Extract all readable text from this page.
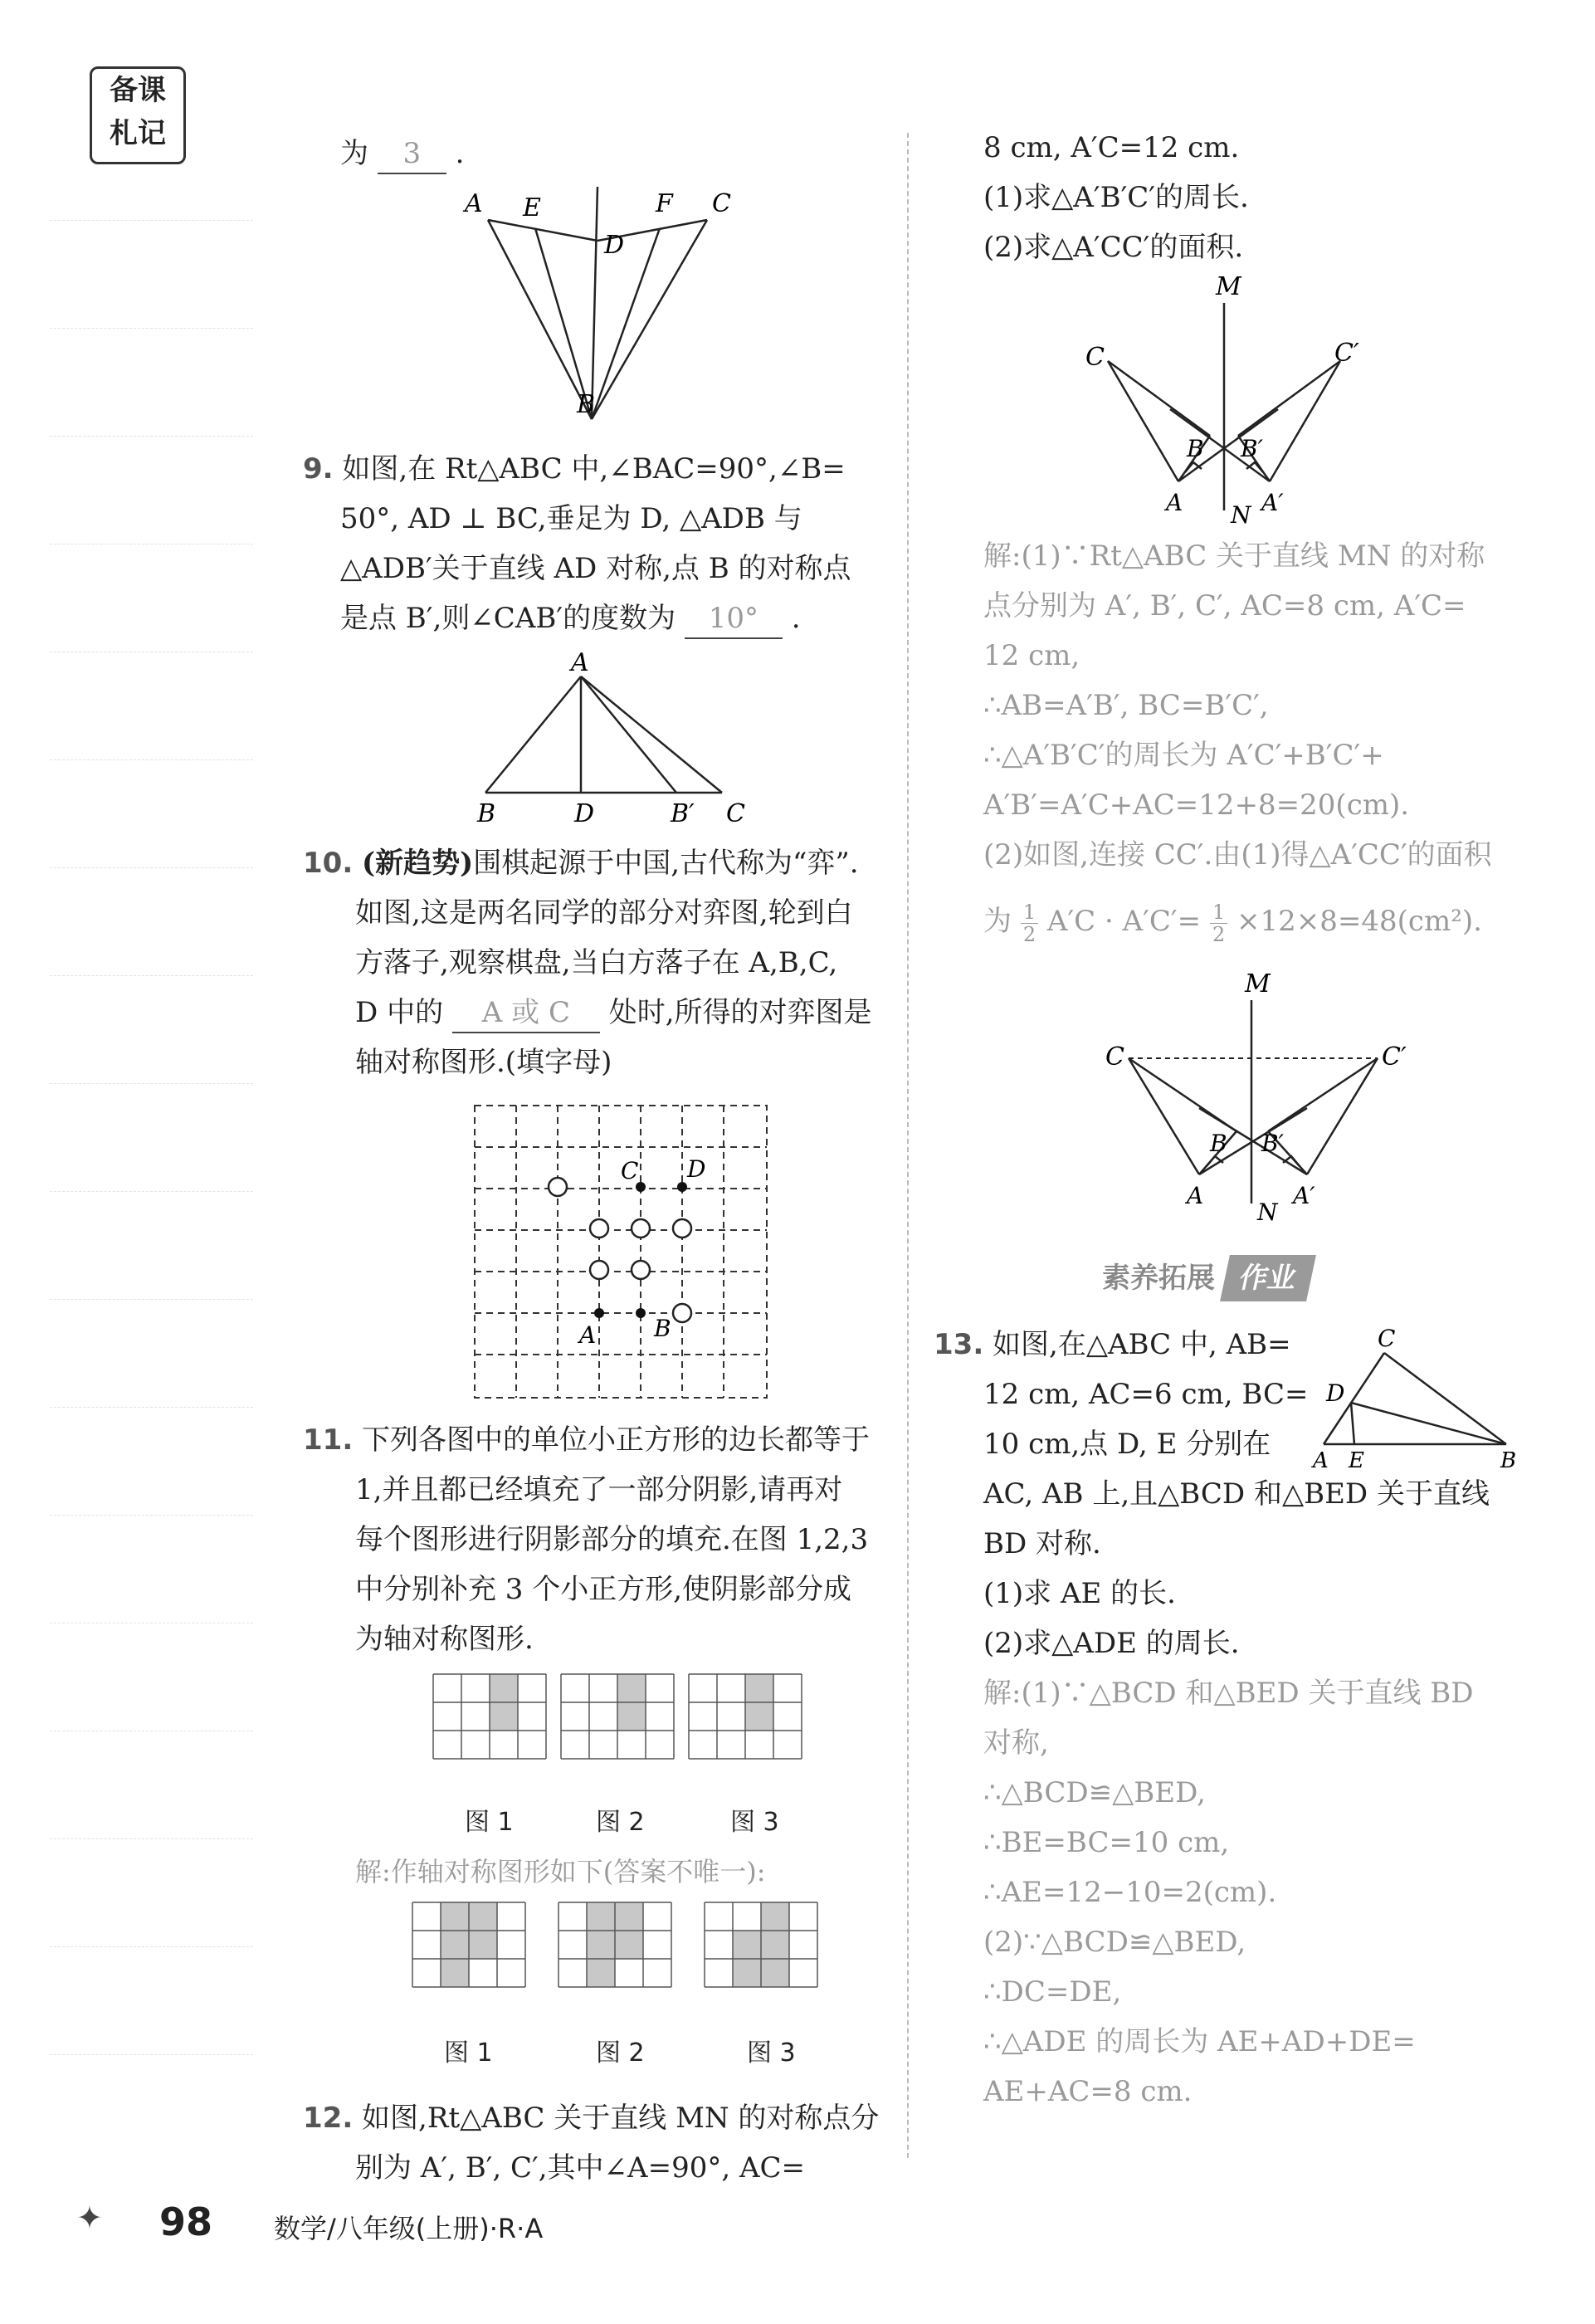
备课
札记
为 3 .
A E
D
F C
B
9. 如图,在 Rt△ABC 中,∠BAC=90°,∠B=
50°, AD ⊥ BC,垂足为 D, △ADB 与
△ADB′关于直线 AD 对称,点 B 的对称点
是点 B′,则∠CAB′的度数为 10° .
A
B	D	B′ C
10. (新趋势)围棋起源于中国,古代称为“弈”.
如图,这是两名同学的部分对弈图,轮到白
方落子,观察棋盘,当白方落子在 A,B,C,
D 中的 A 或 C 处时,所得的对弈图是
轴对称图形.(填字母)
C D
A B
11. 下列各图中的单位小正方形的边长都等于
1,并且都已经填充了一部分阴影,请再对
每个图形进行阴影部分的填充.在图 1,2,3
中分别补充 3 个小正方形,使阴影部分成
为轴对称图形.
图 1	图 2	图 3
解:作轴对称图形如下(答案不唯一):
图 1	图 2	图 3
12. 如图,Rt△ABC 关于直线 MN 的对称点分
别为 A′, B′, C′,其中∠A=90°, AC=
8 cm, A′C=12 cm.
(1)求△A′B′C′的周长.
(2)求△A′CC′的面积.
M
C	C′
B B′
A	A′
N
解:(1)∵Rt△ABC 关于直线 MN 的对称
点分别为 A′, B′, C′, AC=8 cm, A′C=
12 cm,
∴AB=A′B′, BC=B′C′,
∴△A′B′C′的周长为 A′C′+B′C′+
A′B′=A′C+AC=12+8=20(cm).
(2)如图,连接 CC′.由(1)得△A′CC′的面积
为 $\frac{1}{2} A'C \cdot A'C'= \frac{1}{2} \times 12\times 8=48(cm^2)$.
M
C	C′
B B′
A	A′
N
素养拓展 作业
13. 如图,在△ABC 中, AB=
12 cm, AC=6 cm, BC=
10 cm,点 D, E 分别在
AC, AB 上,且△BCD 和△BED 关于直线
BD 对称.
(1)求 AE 的长.
(2)求△ADE 的周长.
C
D
A E	B
解:(1)∵△BCD 和△BED 关于直线 BD
对称,
∴△BCD≌△BED,
∴BE=BC=10 cm,
∴AE=12−10=2(cm).
(2)∵△BCD≌△BED,
∴DC=DE,
∴△ADE 的周长为 AE+AD+DE=
AE+AC=8 cm.
✦ 98 数学/八年级(上册)·R·A
